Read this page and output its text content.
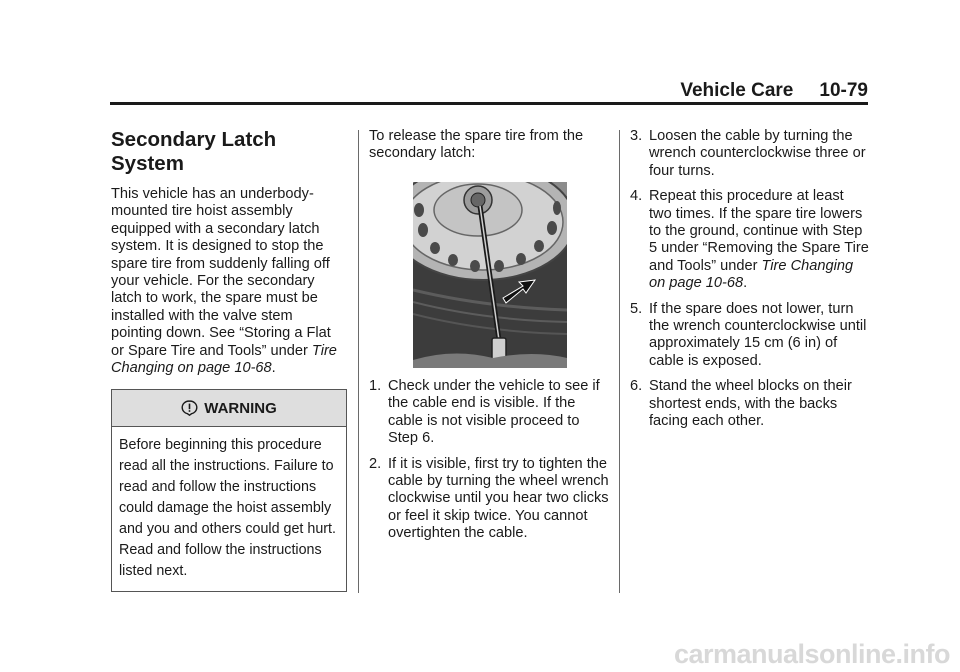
Vehicle Care 10-79
Secondary Latch System

This vehicle has an underbody-mounted tire hoist assembly equipped with a secondary latch system. It is designed to stop the spare tire from suddenly falling off your vehicle. For the secondary latch to work, the spare must be installed with the valve stem pointing down. See “Storing a Flat or Spare Tire and Tools” under Tire Changing on page 10-68.

WARNING
Before beginning this procedure read all the instructions. Failure to read and follow the instructions could damage the hoist assembly and you and others could get hurt. Read and follow the instructions listed next.

To release the spare tire from the secondary latch:

1. Check under the vehicle to see if the cable end is visible. If the cable is not visible proceed to Step 6.
2. If it is visible, first try to tighten the cable by turning the wheel wrench clockwise until you hear two clicks or feel it skip twice. You cannot overtighten the cable.
3. Loosen the cable by turning the wrench counterclockwise three or four turns.
4. Repeat this procedure at least two times. If the spare tire lowers to the ground, continue with Step 5 under “Removing the Spare Tire and Tools” under Tire Changing on page 10-68.
5. If the spare does not lower, turn the wrench counterclockwise until approximately 15 cm (6 in) of cable is exposed.
6. Stand the wheel blocks on their shortest ends, with the backs facing each other.
carmanualsonline.info
